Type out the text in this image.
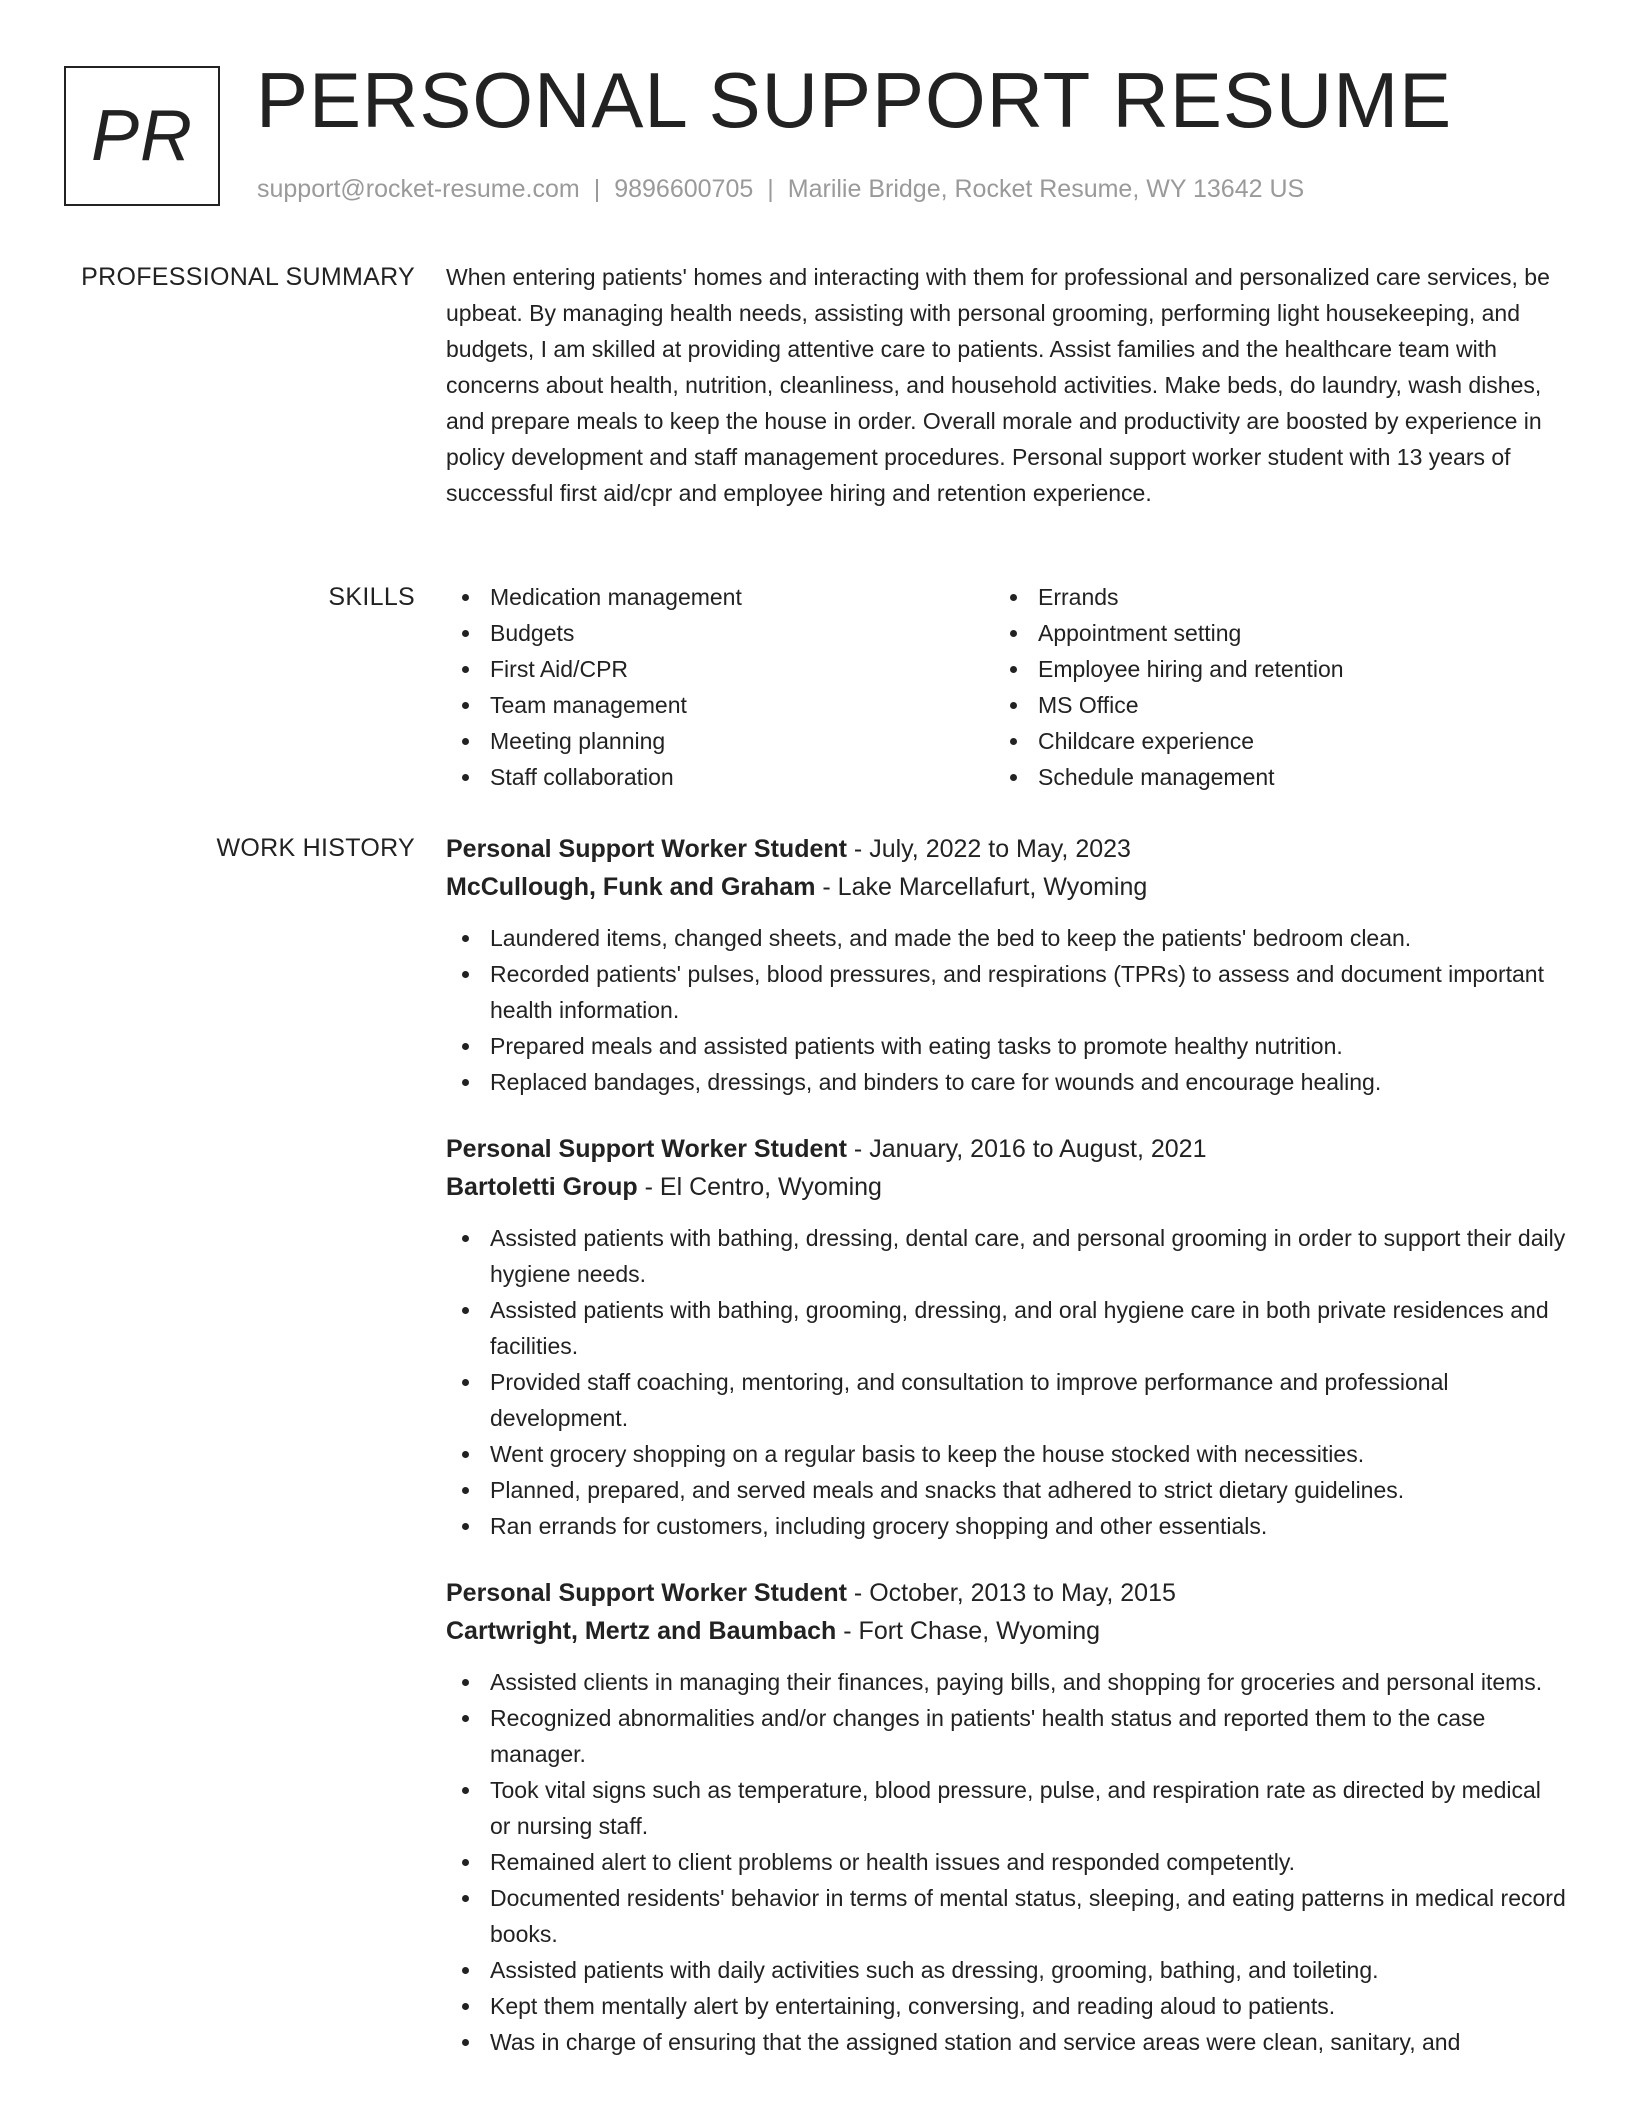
PR PERSONAL SUPPORT RESUME
support@rocket-resume.com | 9896600705 | Marilie Bridge, Rocket Resume, WY 13642 US
PROFESSIONAL SUMMARY When entering patients' homes and interacting with them for professional and personalized care services, be upbeat. By managing health needs, assisting with personal grooming, performing light housekeeping, and budgets, I am skilled at providing attentive care to patients. Assist families and the healthcare team with concerns about health, nutrition, cleanliness, and household activities. Make beds, do laundry, wash dishes, and prepare meals to keep the house in order. Overall morale and productivity are boosted by experience in policy development and staff management procedures. Personal support worker student with 13 years of successful first aid/cpr and employee hiring and retention experience.

SKILLS	Medication management
Budgets
First Aid/CPR
Team management
Meeting planning
Staff collaboration
Errands
Appointment setting
Employee hiring and retention
MS Office
Childcare experience
Schedule management
WORK HISTORY Personal Support Worker Student - July, 2022 to May, 2023
McCullough, Funk and Graham - Lake Marcellafurt, Wyoming
Laundered items, changed sheets, and made the bed to keep the patients' bedroom clean.
Recorded patients' pulses, blood pressures, and respirations (TPRs) to assess and document important health information.
Prepared meals and assisted patients with eating tasks to promote healthy nutrition.
Replaced bandages, dressings, and binders to care for wounds and encourage healing.
Personal Support Worker Student - January, 2016 to August, 2021
Bartoletti Group - El Centro, Wyoming
Assisted patients with bathing, dressing, dental care, and personal grooming in order to support their daily hygiene needs.
Assisted patients with bathing, grooming, dressing, and oral hygiene care in both private residences and facilities.
Provided staff coaching, mentoring, and consultation to improve performance and professional development.
Went grocery shopping on a regular basis to keep the house stocked with necessities.
Planned, prepared, and served meals and snacks that adhered to strict dietary guidelines.
Ran errands for customers, including grocery shopping and other essentials.
Personal Support Worker Student - October, 2013 to May, 2015
Cartwright, Mertz and Baumbach - Fort Chase, Wyoming
Assisted clients in managing their finances, paying bills, and shopping for groceries and personal items.
Recognized abnormalities and/or changes in patients' health status and reported them to the case manager.
Took vital signs such as temperature, blood pressure, pulse, and respiration rate as directed by medical or nursing staff.
Remained alert to client problems or health issues and responded competently.
Documented residents' behavior in terms of mental status, sleeping, and eating patterns in medical record books.
Assisted patients with daily activities such as dressing, grooming, bathing, and toileting.
Kept them mentally alert by entertaining, conversing, and reading aloud to patients.
Was in charge of ensuring that the assigned station and service areas were clean, sanitary, and
